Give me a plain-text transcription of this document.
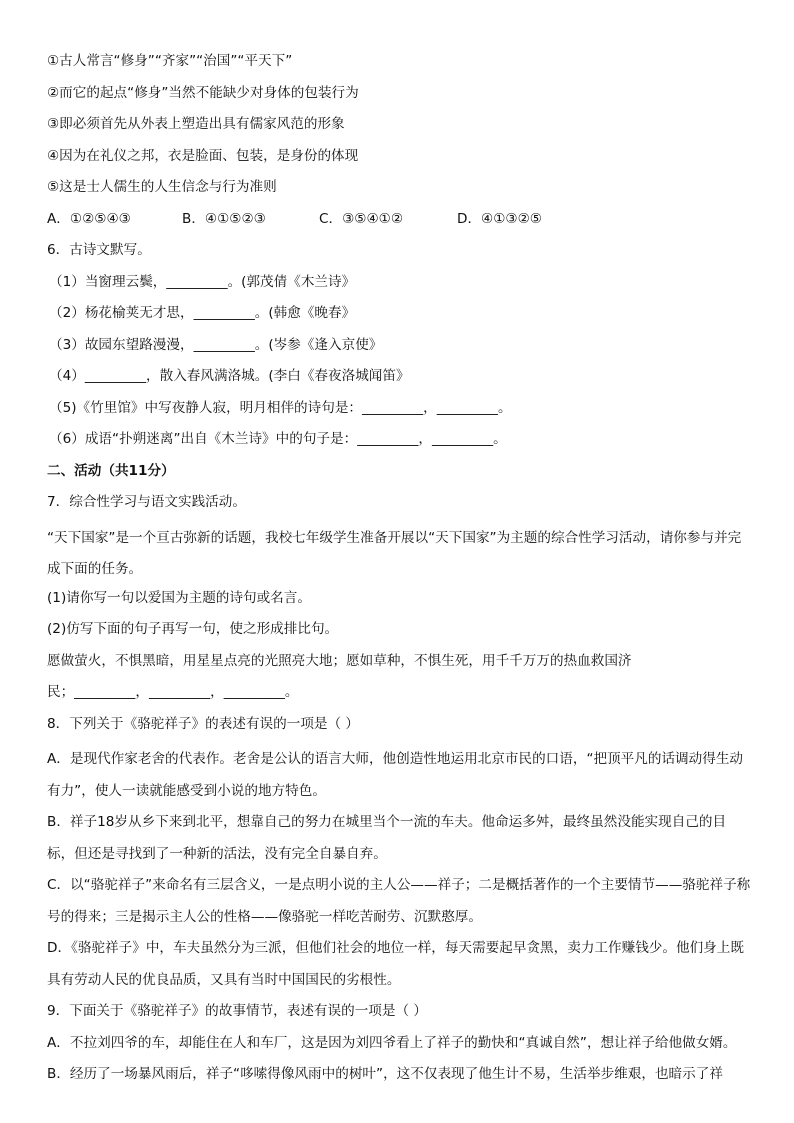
①古人常言“修身”“齐家”“治国”“平天下”

②而它的起点“修身”当然不能缺少对身体的包装行为

③即必须首先从外表上塑造出具有儒家风范的形象

④因为在礼仪之邦，衣是脸面、包装，是身份的体现

⑤这是士人儒生的人生信念与行为准则

A．①②⑤④③	B．④①⑤②③	C．③⑤④①②	D．④①③②⑤

6．古诗文默写。

（1）当窗理云鬓，_________。(郭茂倩《木兰诗》

（2）杨花榆荚无才思，_________。(韩愈《晚春》

（3）故园东望路漫漫，_________。(岑参《逢入京使》

（4）_________，散入春风满洛城。(李白《春夜洛城闻笛》

（5)《竹里馆》中写夜静人寂，明月相伴的诗句是：_________，_________。

（6）成语“扑朔迷离”出自《木兰诗》中的句子是：_________，_________。

二、活动（共11分）

7．综合性学习与语文实践活动。

“天下国家”是一个亘古弥新的话题，我校七年级学生准备开展以“天下国家”为主题的综合性学习活动，请你参与并完成下面的任务。

(1)请你写一句以爱国为主题的诗句或名言。

(2)仿写下面的句子再写一句，使之形成排比句。

愿做萤火，不惧黑暗，用星星点亮的光照亮大地；愿如草种，不惧生死，用千千万万的热血救国济

民；_________，_________，_________。

8．下列关于《骆驼祥子》的表述有误的一项是（ ）

A．是现代作家老舍的代表作。老舍是公认的语言大师，他创造性地运用北京市民的口语，“把顶平凡的话调动得生动有力”，使人一读就能感受到小说的地方特色。

B．祥子18岁从乡下来到北平，想靠自己的努力在城里当个一流的车夫。他命运多舛，最终虽然没能实现自己的目标，但还是寻找到了一种新的活法，没有完全自暴自弃。

C．以“骆驼祥子”来命名有三层含义，一是点明小说的主人公——祥子；二是概括著作的一个主要情节——骆驼祥子称号的得来；三是揭示主人公的性格——像骆驼一样吃苦耐劳、沉默憨厚。

D．《骆驼祥子》中，车夫虽然分为三派，但他们社会的地位一样，每天需要起早贪黑，卖力工作赚钱少。他们身上既具有劳动人民的优良品质，又具有当时中国国民的劣根性。

9．下面关于《骆驼祥子》的故事情节，表述有误的一项是（ ）

A．不拉刘四爷的车，却能住在人和车厂，这是因为刘四爷看上了祥子的勤快和“真诚自然”，想让祥子给他做女婿。

B．经历了一场暴风雨后，祥子“哆嗦得像风雨中的树叶”，这不仅表现了他生计不易，生活举步维艰，也暗示了祥
